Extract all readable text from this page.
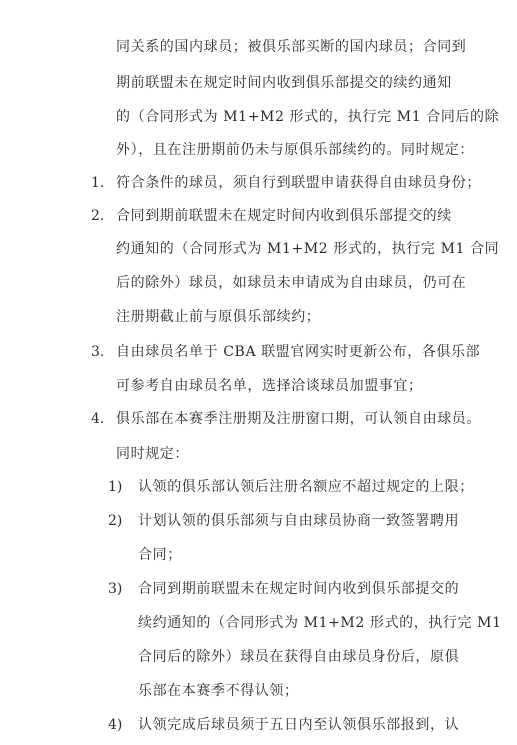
同关系的国内球员；被俱乐部买断的国内球员；合同到
期前联盟未在规定时间内收到俱乐部提交的续约通知
的（合同形式为 M1+M2 形式的，执行完 M1 合同后的除
外），且在注册期前仍未与原俱乐部续约的。同时规定：
1. 符合条件的球员，须自行到联盟申请获得自由球员身份；
2. 合同到期前联盟未在规定时间内收到俱乐部提交的续
约通知的（合同形式为 M1+M2 形式的，执行完 M1 合同
后的除外）球员，如球员未申请成为自由球员，仍可在
注册期截止前与原俱乐部续约；
3. 自由球员名单于 CBA 联盟官网实时更新公布，各俱乐部
可参考自由球员名单，选择洽谈球员加盟事宜；
4. 俱乐部在本赛季注册期及注册窗口期，可认领自由球员。
同时规定：
1) 认领的俱乐部认领后注册名额应不超过规定的上限；
2) 计划认领的俱乐部须与自由球员协商一致签署聘用
合同；
3) 合同到期前联盟未在规定时间内收到俱乐部提交的
续约通知的（合同形式为 M1+M2 形式的，执行完 M1
合同后的除外）球员在获得自由球员身份后，原俱
乐部在本赛季不得认领；
4) 认领完成后球员须于五日内至认领俱乐部报到，认
